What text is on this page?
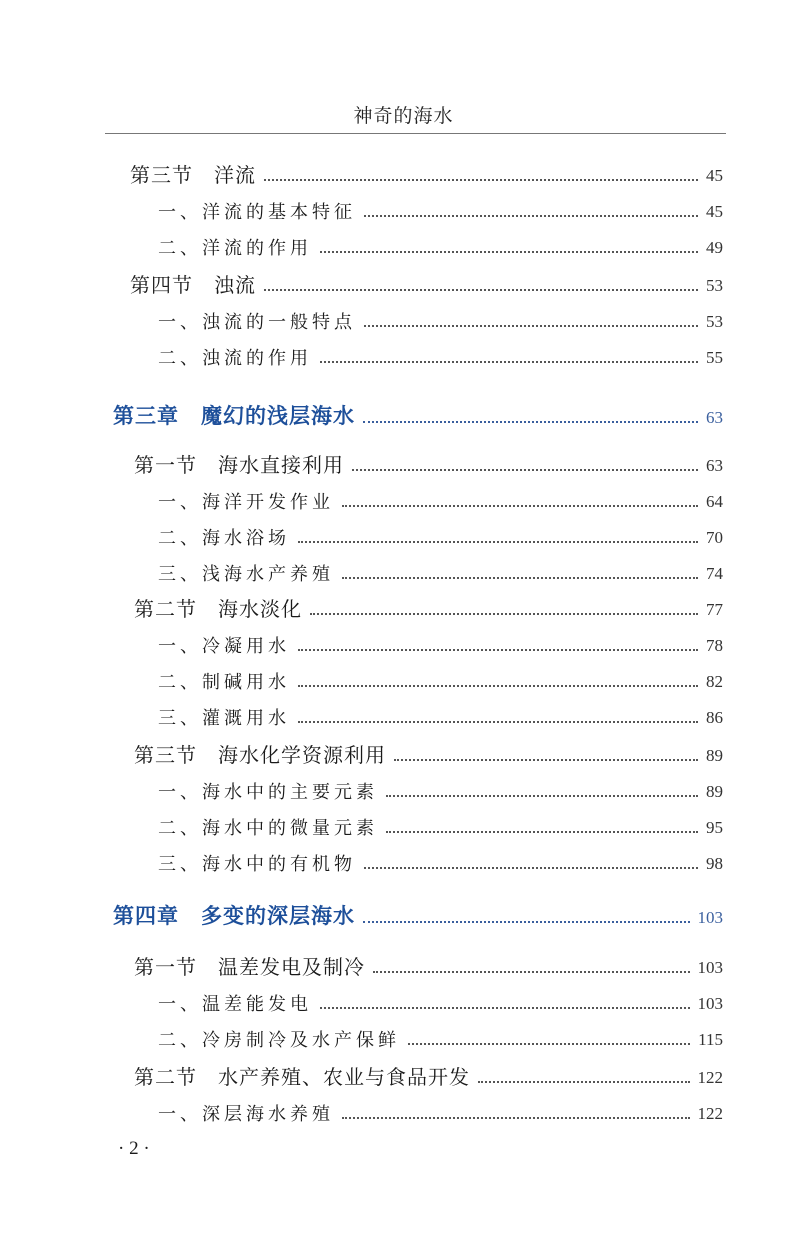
神奇的海水
第三节　洋流	45
一、洋流的基本特征	45
二、洋流的作用	49
第四节　浊流	53
一、浊流的一般特点	53
二、浊流的作用	55
第三章　魔幻的浅层海水	63
第一节　海水直接利用	63
一、海洋开发作业	64
二、海水浴场	70
三、浅海水产养殖	74
第二节　海水淡化	77
一、冷凝用水	78
二、制碱用水	82
三、灌溉用水	86
第三节　海水化学资源利用	89
一、海水中的主要元素	89
二、海水中的微量元素	95
三、海水中的有机物	98
第四章　多变的深层海水	103
第一节　温差发电及制冷	103
一、温差能发电	103
二、冷房制冷及水产保鲜	115
第二节　水产养殖、农业与食品开发	122
一、深层海水养殖	122
· 2 ·
